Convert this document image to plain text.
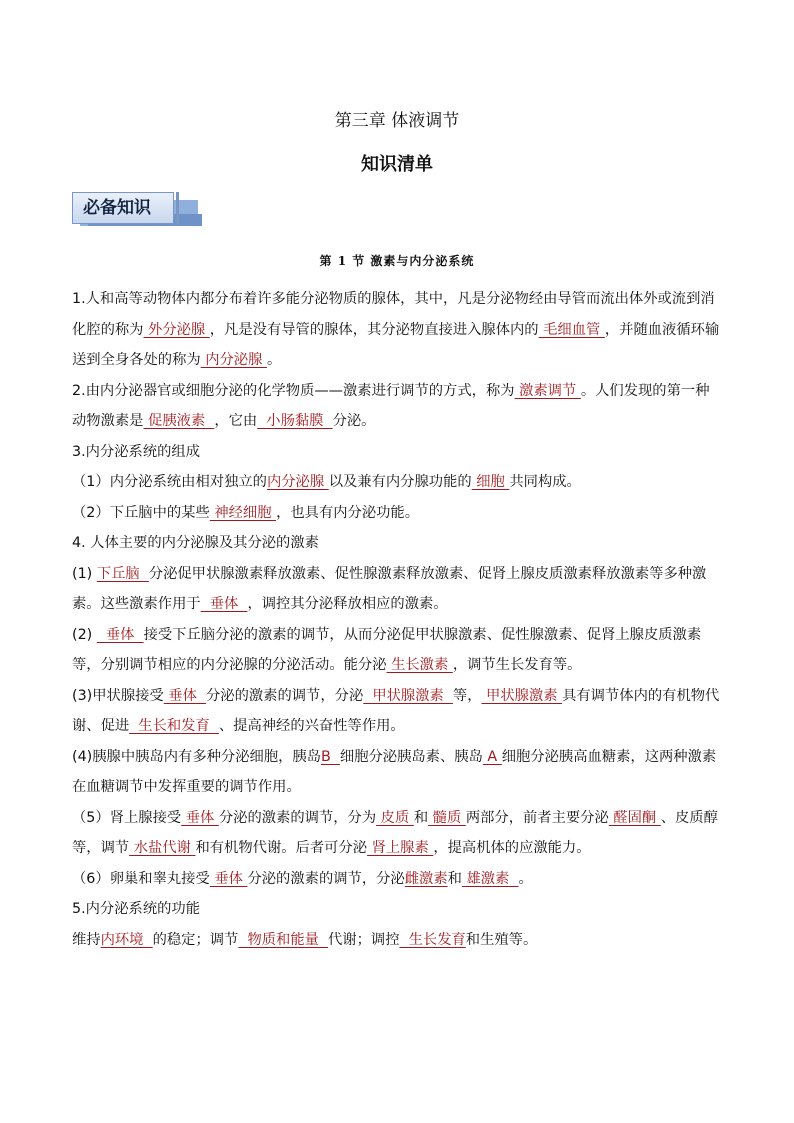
第三章 体液调节
知识清单
必备知识
第 1 节 激素与内分泌系统

1.人和高等动物体内都分布着许多能分泌物质的腺体，其中，凡是分泌物经由导管而流出体外或流到消化腔的称为 外分泌腺 ，凡是没有导管的腺体，其分泌物直接进入腺体内的 毛细血管 ，并随血液循环输送到全身各处的称为 内分泌腺 。

2.由内分泌器官或细胞分泌的化学物质——激素进行调节的方式，称为 激素调节 。人们发现的第一种动物激素是 促胰液素  ，它由  小肠黏膜  分泌。

3.内分泌系统的组成

（1）内分泌系统由相对独立的内分泌腺 以及兼有内分腺功能的 细胞 共同构成。

（2）下丘脑中的某些 神经细胞 ，也具有内分泌功能。

4. 人体主要的内分泌腺及其分泌的激素

(1) 下丘脑  分泌促甲状腺激素释放激素、促性腺激素释放激素、促肾上腺皮质激素释放激素等多种激素。这些激素作用于  垂体  ，调控其分泌释放相应的激素。

(2)   垂体  接受下丘脑分泌的激素的调节，从而分泌促甲状腺激素、促性腺激素、促肾上腺皮质激素等，分别调节相应的内分泌腺的分泌活动。能分泌 生长激素 ，调节生长发育等。

(3)甲状腺接受 垂体  分泌的激素的调节，分泌  甲状腺激素  等， 甲状腺激素 具有调节体内的有机物代谢、促进  生长和发育  、提高神经的兴奋性等作用。

(4)胰腺中胰岛内有多种分泌细胞，胰岛B  细胞分泌胰岛素、胰岛 A 细胞分泌胰高血糖素，这两种激素在血糖调节中发挥重要的调节作用。

（5）肾上腺接受 垂体 分泌的激素的调节，分为 皮质 和 髓质 两部分，前者主要分泌 醛固酮 、皮质醇等，调节 水盐代谢 和有机物代谢。后者可分泌 肾上腺素 ，提高机体的应激能力。

（6）卵巢和睾丸接受 垂体 分泌的激素的调节，分泌雌激素和 雄激素  。

5.内分泌系统的功能

维持内环境  的稳定；调节  物质和能量  代谢；调控  生长发育和生殖等。
